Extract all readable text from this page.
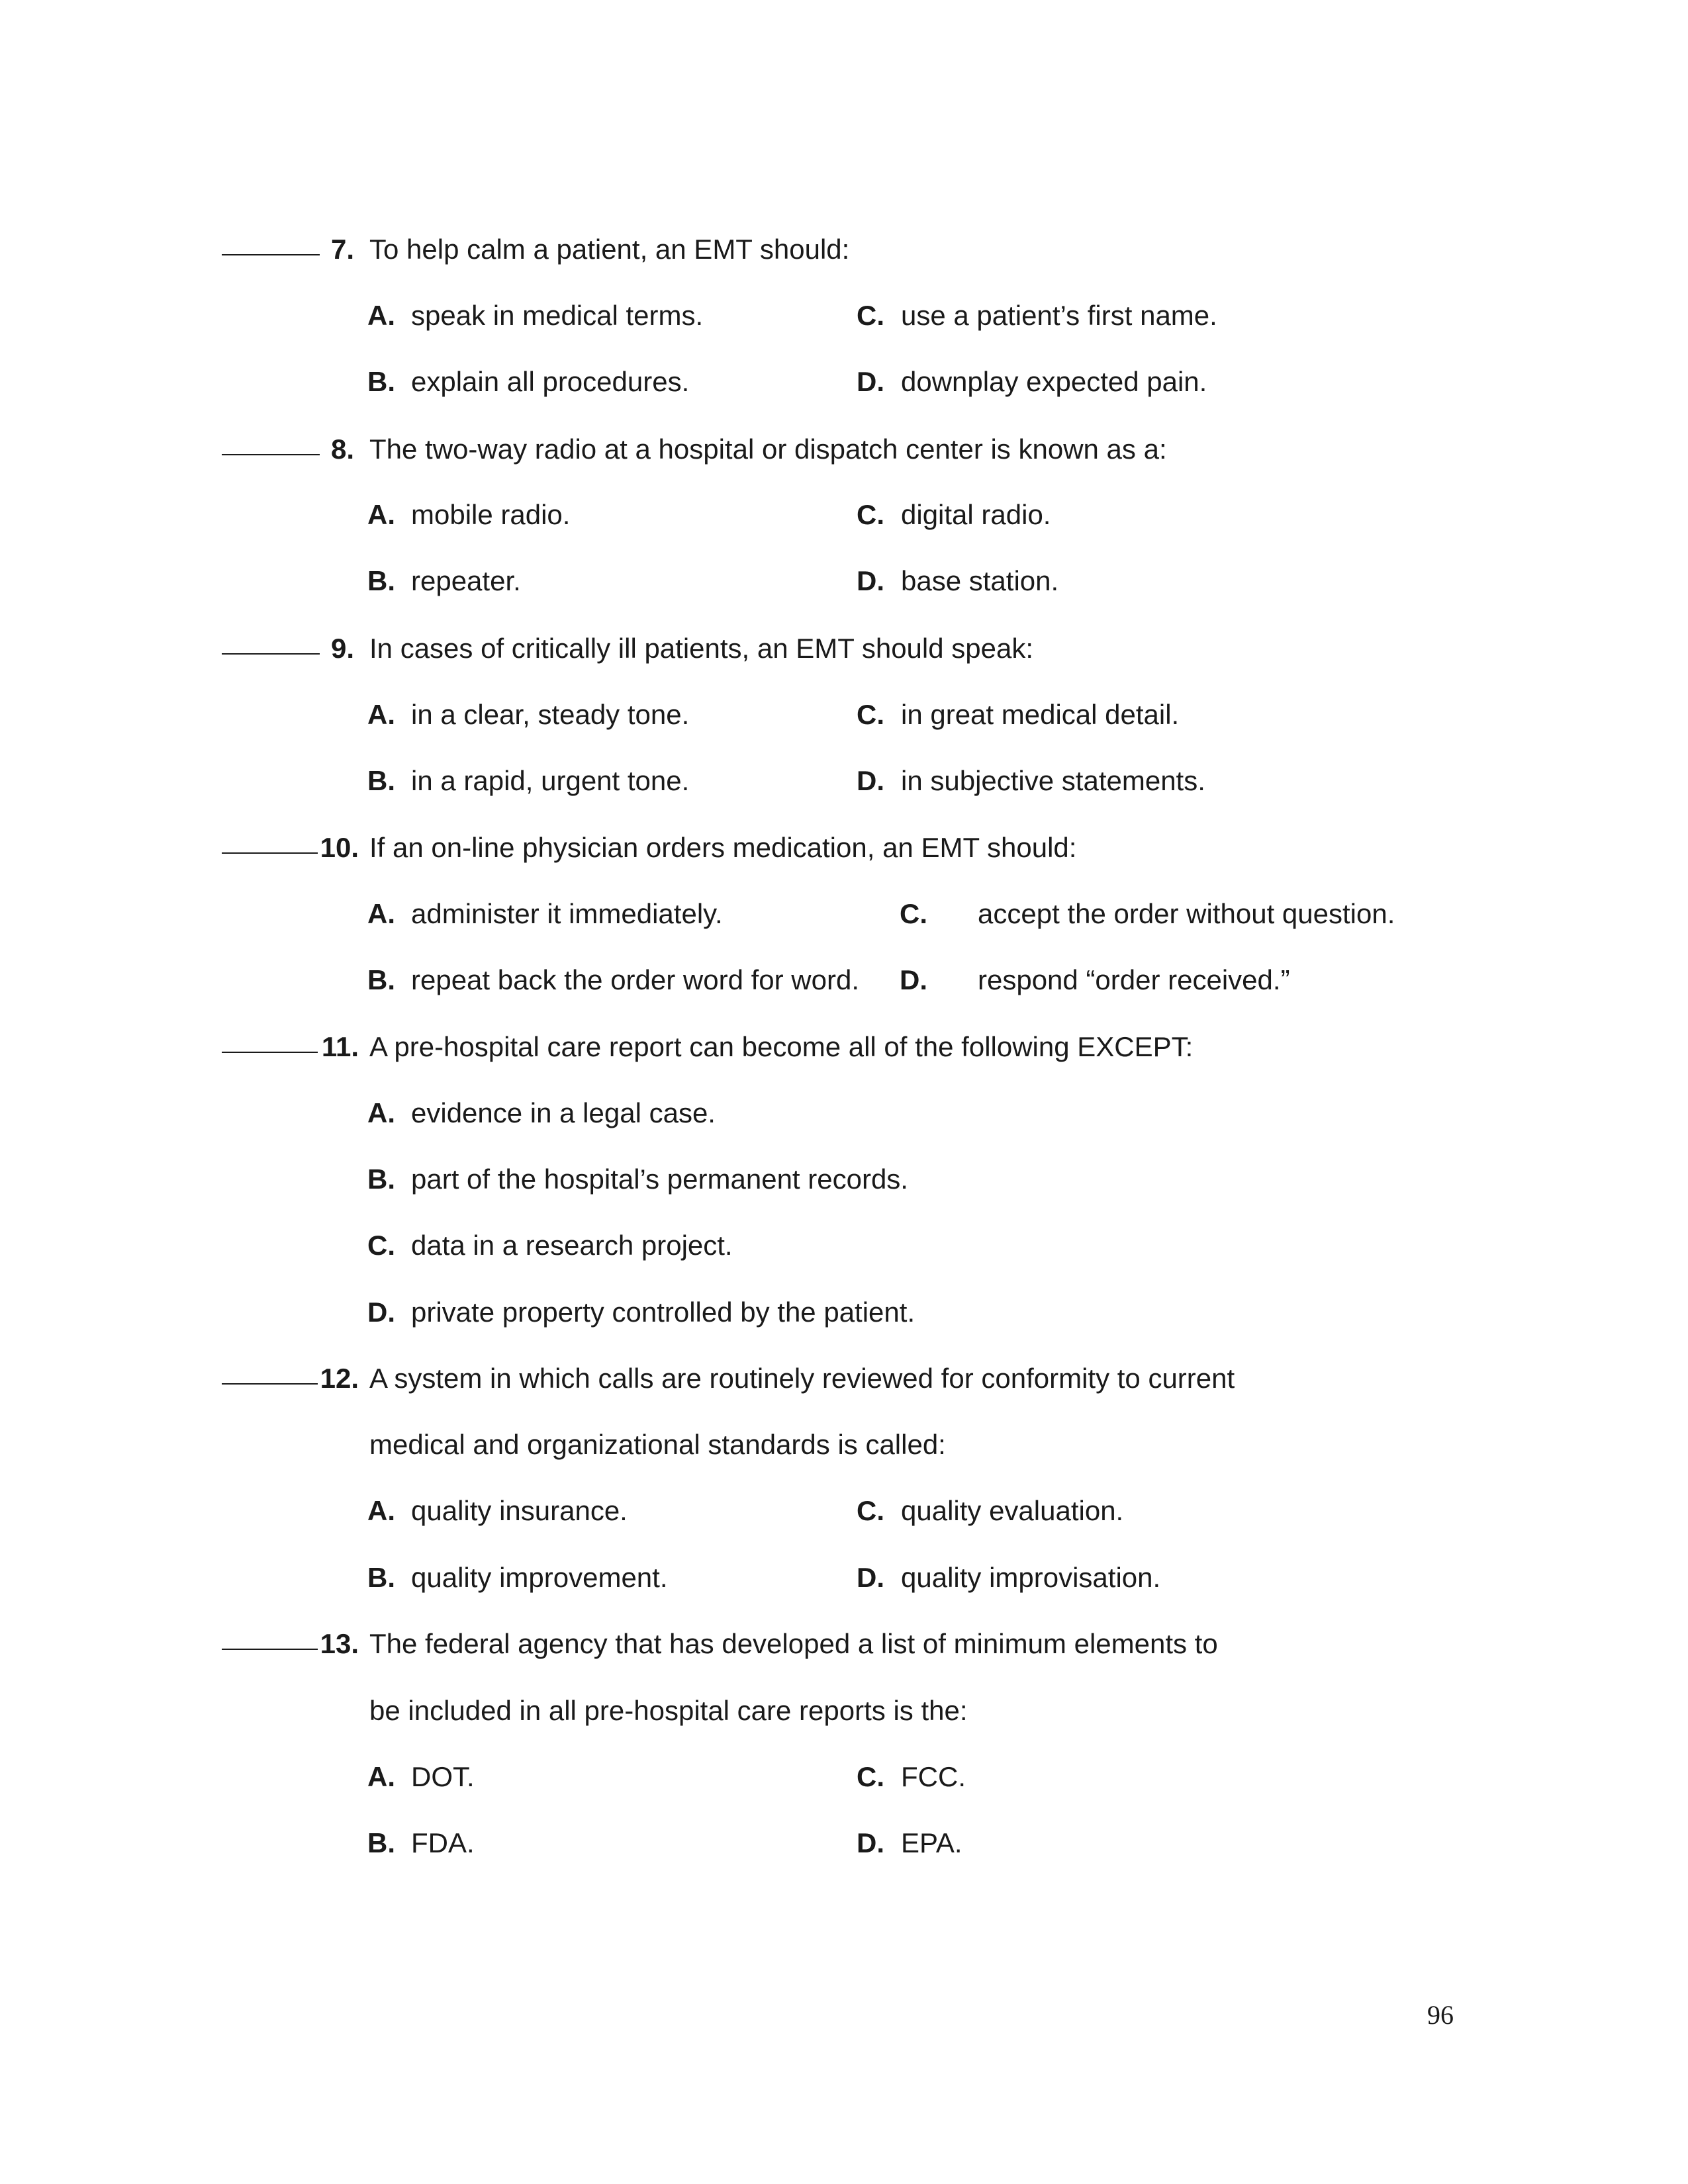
7. To help calm a patient, an EMT should:
A. speak in medical terms.
B. explain all procedures.
C. use a patient’s first name.
D. downplay expected pain.
8. The two-way radio at a hospital or dispatch center is known as a:
A. mobile radio.
B. repeater.
C. digital radio.
D. base station.
9. In cases of critically ill patients, an EMT should speak:
A. in a clear, steady tone.
B. in a rapid, urgent tone.
C. in great medical detail.
D. in subjective statements.
10. If an on-line physician orders medication, an EMT should:
A. administer it immediately.
B. repeat back the order word for word.
C. accept the order without question.
D. respond “order received.”
11. A pre-hospital care report can become all of the following EXCEPT:
A. evidence in a legal case.
B. part of the hospital’s permanent records.
C. data in a research project.
D. private property controlled by the patient.
12. A system in which calls are routinely reviewed for conformity to current
medical and organizational standards is called:
A. quality insurance.
B. quality improvement.
C. quality evaluation.
D. quality improvisation.
13. The federal agency that has developed a list of minimum elements to
be included in all pre-hospital care reports is the:
A. DOT.
B. FDA.
C. FCC.
D. EPA.
96
